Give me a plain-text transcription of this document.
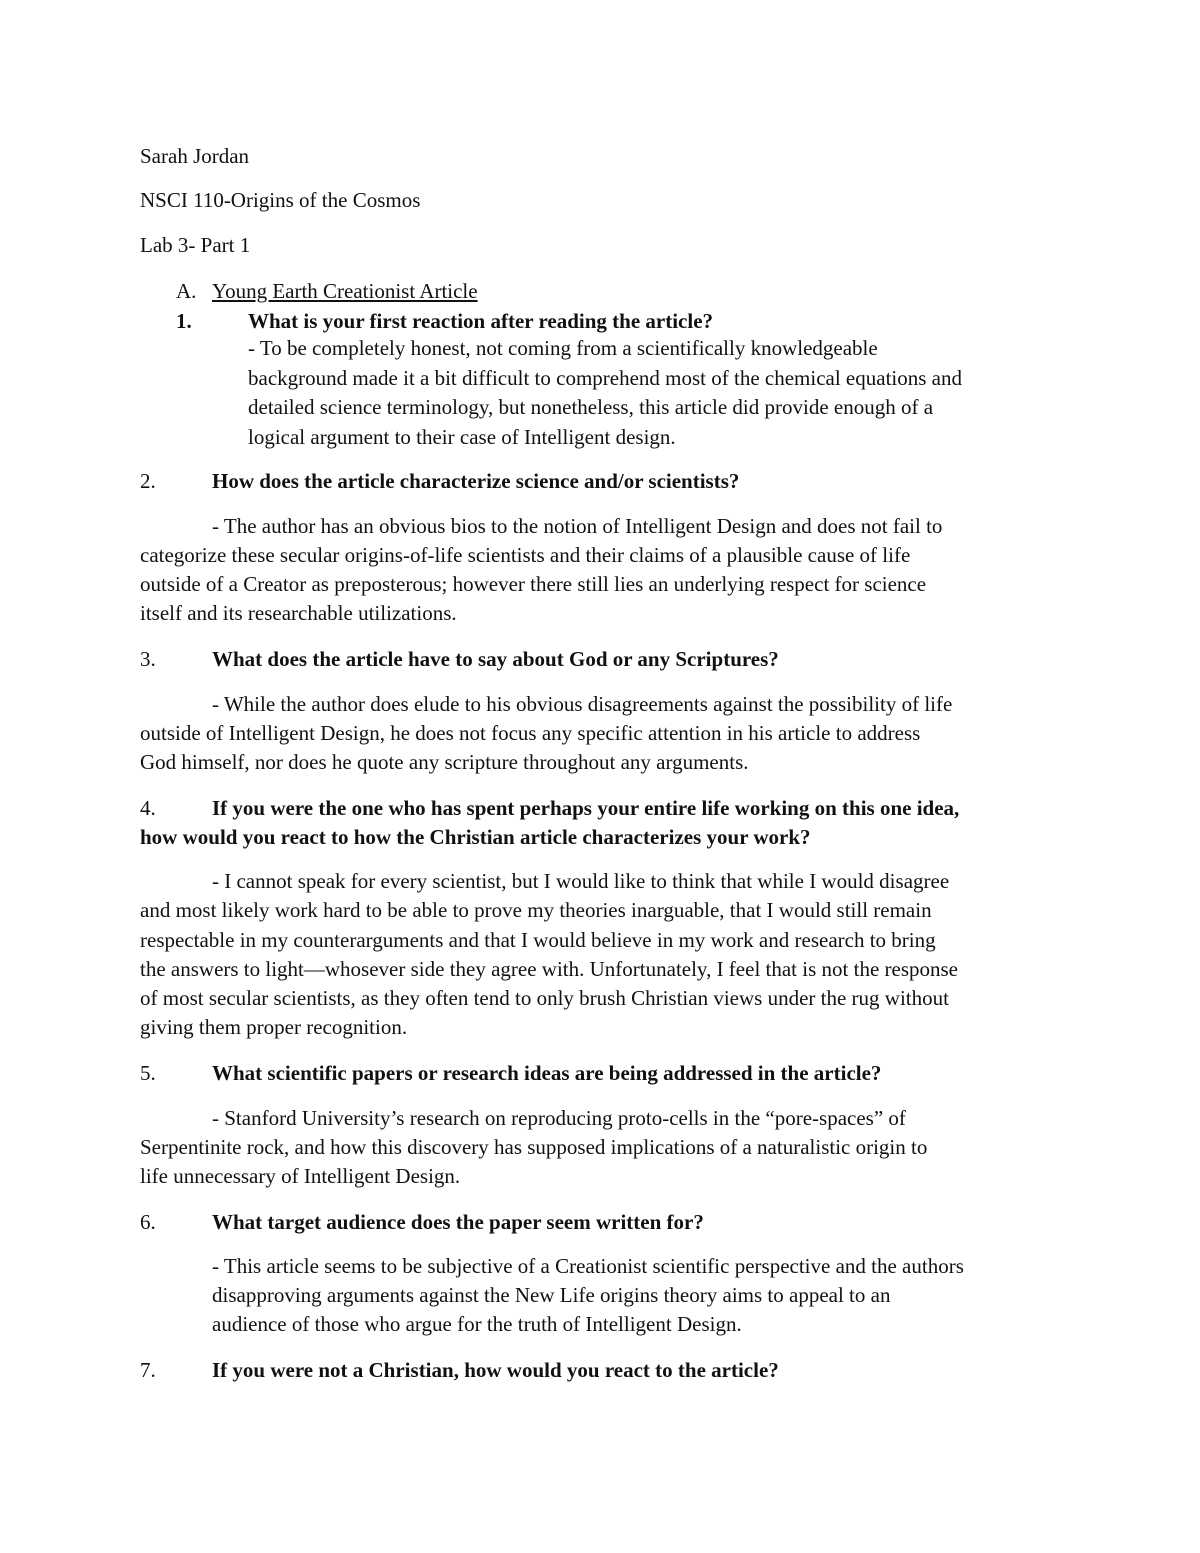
Sarah Jordan
NSCI 110-Origins of the Cosmos
Lab 3- Part 1
A. Young Earth Creationist Article
1.	What is your first reaction after reading the article?
- To be completely honest, not coming from a scientifically knowledgeable
background made it a bit difficult to comprehend most of the chemical equations and
detailed science terminology, but nonetheless, this article did provide enough of a
logical argument to their case of Intelligent design.
2.	How does the article characterize science and/or scientists?
- The author has an obvious bios to the notion of Intelligent Design and does not fail to
categorize these secular origins-of-life scientists and their claims of a plausible cause of life
outside of a Creator as preposterous; however there still lies an underlying respect for science
itself and its researchable utilizations.
3.	What does the article have to say about God or any Scriptures?
- While the author does elude to his obvious disagreements against the possibility of life
outside of Intelligent Design, he does not focus any specific attention in his article to address
God himself, nor does he quote any scripture throughout any arguments.
4.	If you were the one who has spent perhaps your entire life working on this one idea,
how would you react to how the Christian article characterizes your work?
- I cannot speak for every scientist, but I would like to think that while I would disagree
and most likely work hard to be able to prove my theories inarguable, that I would still remain
respectable in my counterarguments and that I would believe in my work and research to bring
the answers to light—whosever side they agree with. Unfortunately, I feel that is not the response
of most secular scientists, as they often tend to only brush Christian views under the rug without
giving them proper recognition.
5.	What scientific papers or research ideas are being addressed in the article?
- Stanford University’s research on reproducing proto-cells in the “pore-spaces” of
Serpentinite rock, and how this discovery has supposed implications of a naturalistic origin to
life unnecessary of Intelligent Design.
6.	What target audience does the paper seem written for?
- This article seems to be subjective of a Creationist scientific perspective and the authors
disapproving arguments against the New Life origins theory aims to appeal to an
audience of those who argue for the truth of Intelligent Design.
7.	If you were not a Christian, how would you react to the article?
